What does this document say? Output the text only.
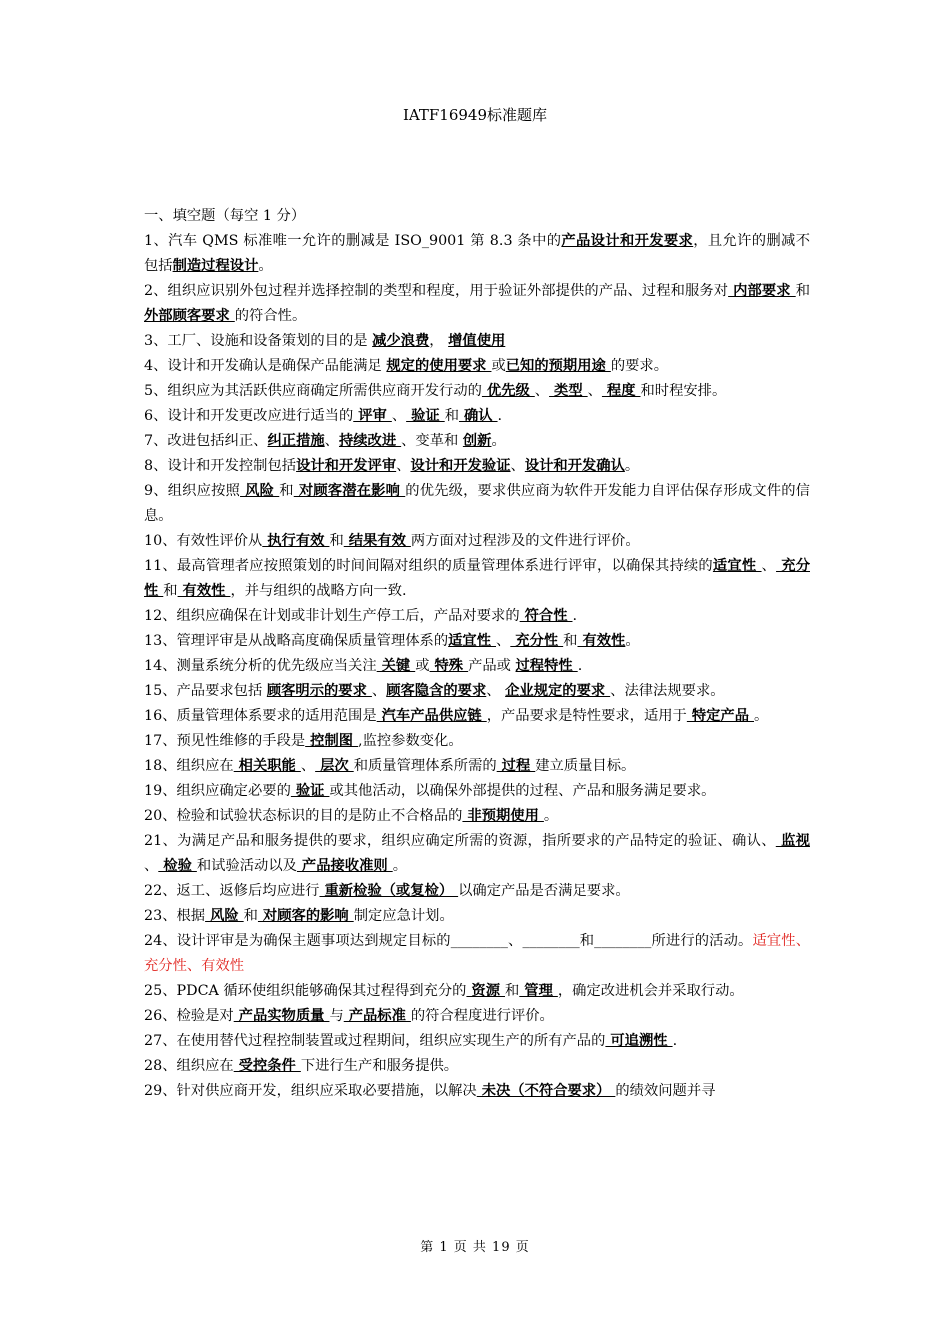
IATF16949标准题库

一、填空题（每空 1 分）

1、汽车 QMS 标准唯一允许的删减是 ISO_9001 第 8.3 条中的产品设计和开发要求，且允许的删减不包括制造过程设计。

2、组织应识别外包过程并选择控制的类型和程度，用于验证外部提供的产品、过程和服务对 内部要求 和 外部顾客要求 的符合性。

3、工厂、设施和设备策划的目的是 减少浪费， 增值使用

4、设计和开发确认是确保产品能满足 规定的使用要求 或已知的预期用途 的要求。

5、组织应为其活跃供应商确定所需供应商开发行动的 优先级 、 类型 、 程度 和时程安排。

6、设计和开发更改应进行适当的 评审 、 验证 和 确认 .

7、改进包括纠正、纠正措施、持续改进 、变革和 创新。

8、设计和开发控制包括设计和开发评审、设计和开发验证、设计和开发确认。

9、组织应按照 风险 和 对顾客潜在影响 的优先级，要求供应商为软件开发能力自评估保存形成文件的信息。

10、有效性评价从 执行有效 和 结果有效 两方面对过程涉及的文件进行评价。

11、最高管理者应按照策划的时间间隔对组织的质量管理体系进行评审，以确保其持续的适宜性 、 充分性 和 有效性 ，并与组织的战略方向一致.

12、组织应确保在计划或非计划生产停工后，产品对要求的 符合性 .

13、管理评审是从战略高度确保质量管理体系的适宜性 、 充分性 和 有效性。

14、测量系统分析的优先级应当关注 关键 或 特殊 产品或 过程特性 .

15、产品要求包括 顾客明示的要求 、顾客隐含的要求、 企业规定的要求 、法律法规要求。

16、质量管理体系要求的适用范围是 汽车产品供应链 ，产品要求是特性要求，适用于 特定产品 。

17、预见性维修的手段是 控制图 ,监控参数变化。

18、组织应在 相关职能 、 层次 和质量管理体系所需的 过程 建立质量目标。

19、组织应确定必要的 验证 或其他活动，以确保外部提供的过程、产品和服务满足要求。

20、检验和试验状态标识的目的是防止不合格品的 非预期使用 。

21、为满足产品和服务提供的要求，组织应确定所需的资源，指所要求的产品特定的验证、确认、 监视 、 检验 和试验活动以及 产品接收准则 。

22、返工、返修后均应进行 重新检验（或复检） 以确定产品是否满足要求。

23、根据 风险 和 对顾客的影响 制定应急计划。

24、设计评审是为确保主题事项达到规定目标的________、________和________所进行的活动。适宜性、充分性、有效性

25、PDCA 循环使组织能够确保其过程得到充分的 资源 和 管理 ，确定改进机会并采取行动。

26、检验是对 产品实物质量 与 产品标准 的符合程度进行评价。

27、在使用替代过程控制装置或过程期间，组织应实现生产的所有产品的 可追溯性 .

28、组织应在 受控条件 下进行生产和服务提供。

29、针对供应商开发，组织应采取必要措施，以解决 未决（不符合要求） 的绩效问题并寻

第 1 页 共 19 页
